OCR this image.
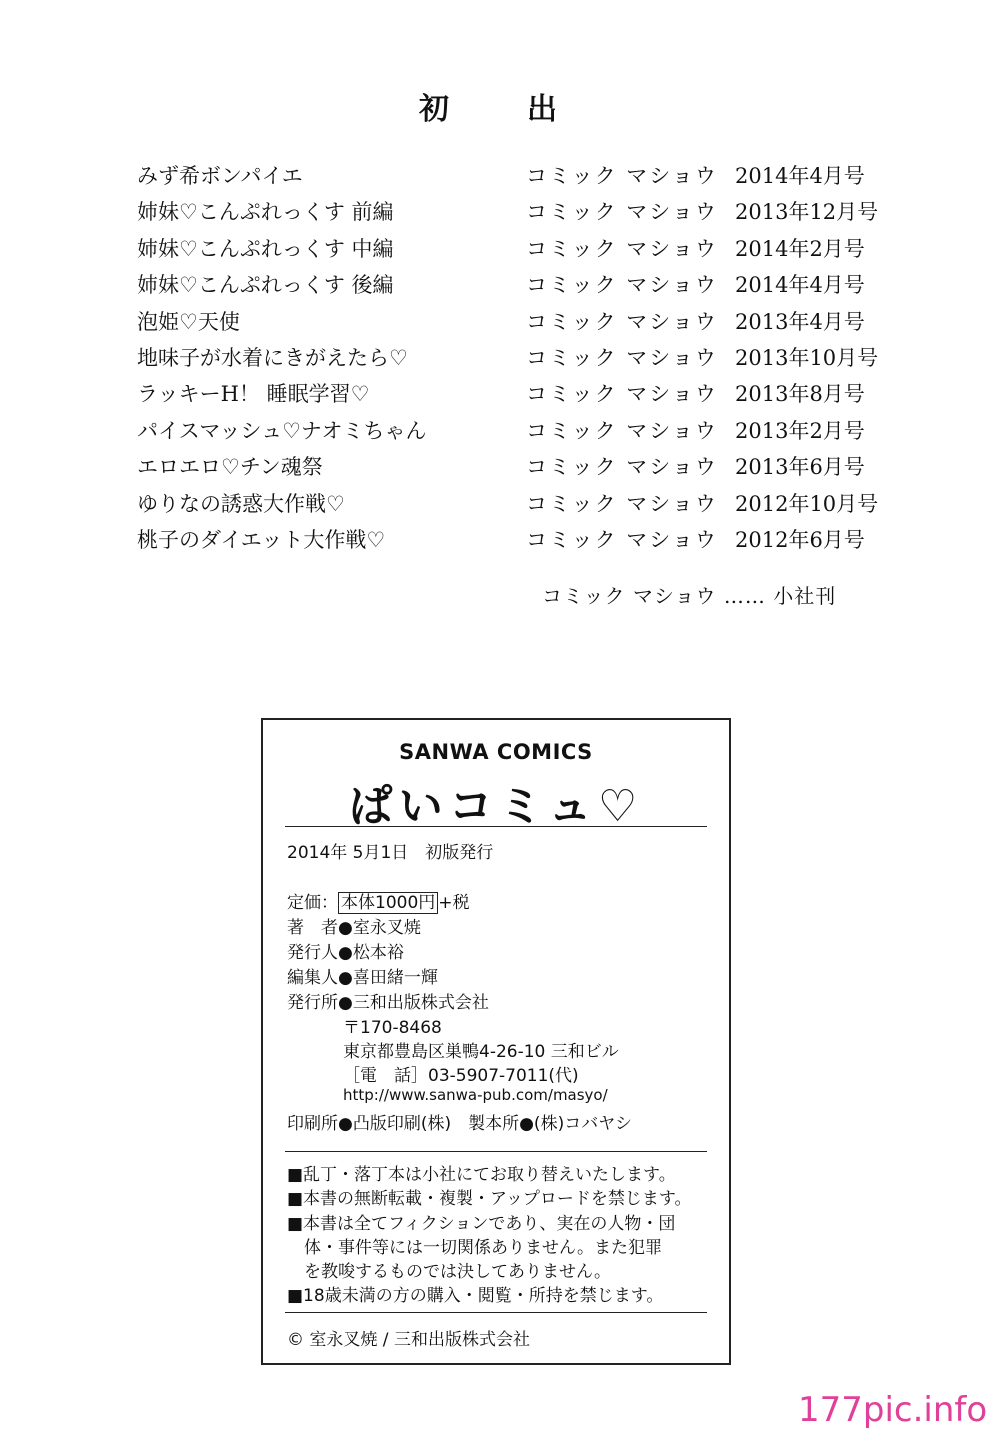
初　出
みず希ボンパイエ	コミック マショウ 2014年4月号
姉妹♡こんぷれっくす 前編	コミック マショウ 2013年12月号
姉妹♡こんぷれっくす 中編	コミック マショウ 2014年2月号
姉妹♡こんぷれっくす 後編	コミック マショウ 2014年4月号
泡姫♡天使	コミック マショウ 2013年4月号
地味子が水着にきがえたら♡	コミック マショウ 2013年10月号
ラッキーH！ 睡眠学習♡	コミック マショウ 2013年8月号
パイスマッシュ♡ナオミちゃん	コミック マショウ 2013年2月号
エロエロ♡チン魂祭	コミック マショウ 2013年6月号
ゆりなの誘惑大作戦♡	コミック マショウ 2012年10月号
桃子のダイエット大作戦♡	コミック マショウ 2012年6月号
コミック マショウ …… 小社刊
SANWA COMICS
ぱいコミュ♡
2014年 5月1日　初版発行
定価： 本体1000円 +税
著　者●室永叉焼
発行人●松本裕
編集人●喜田緒一輝
発行所●三和出版株式会社
〒170-8468
東京都豊島区巣鴨4-26-10 三和ビル
［電　話］03-5907-7011(代)
http://www.sanwa-pub.com/masyo/
印刷所●凸版印刷(株)　製本所●(株)コバヤシ
■乱丁・落丁本は小社にてお取り替えいたします。
■本書の無断転載・複製・アップロードを禁じます。
■本書は全てフィクションであり、実在の人物・団
　体・事件等には一切関係ありません。また犯罪
　を教唆するものでは決してありません。
■18歳未満の方の購入・閲覧・所持を禁じます。
© 室永叉焼 / 三和出版株式会社
177pic.info
